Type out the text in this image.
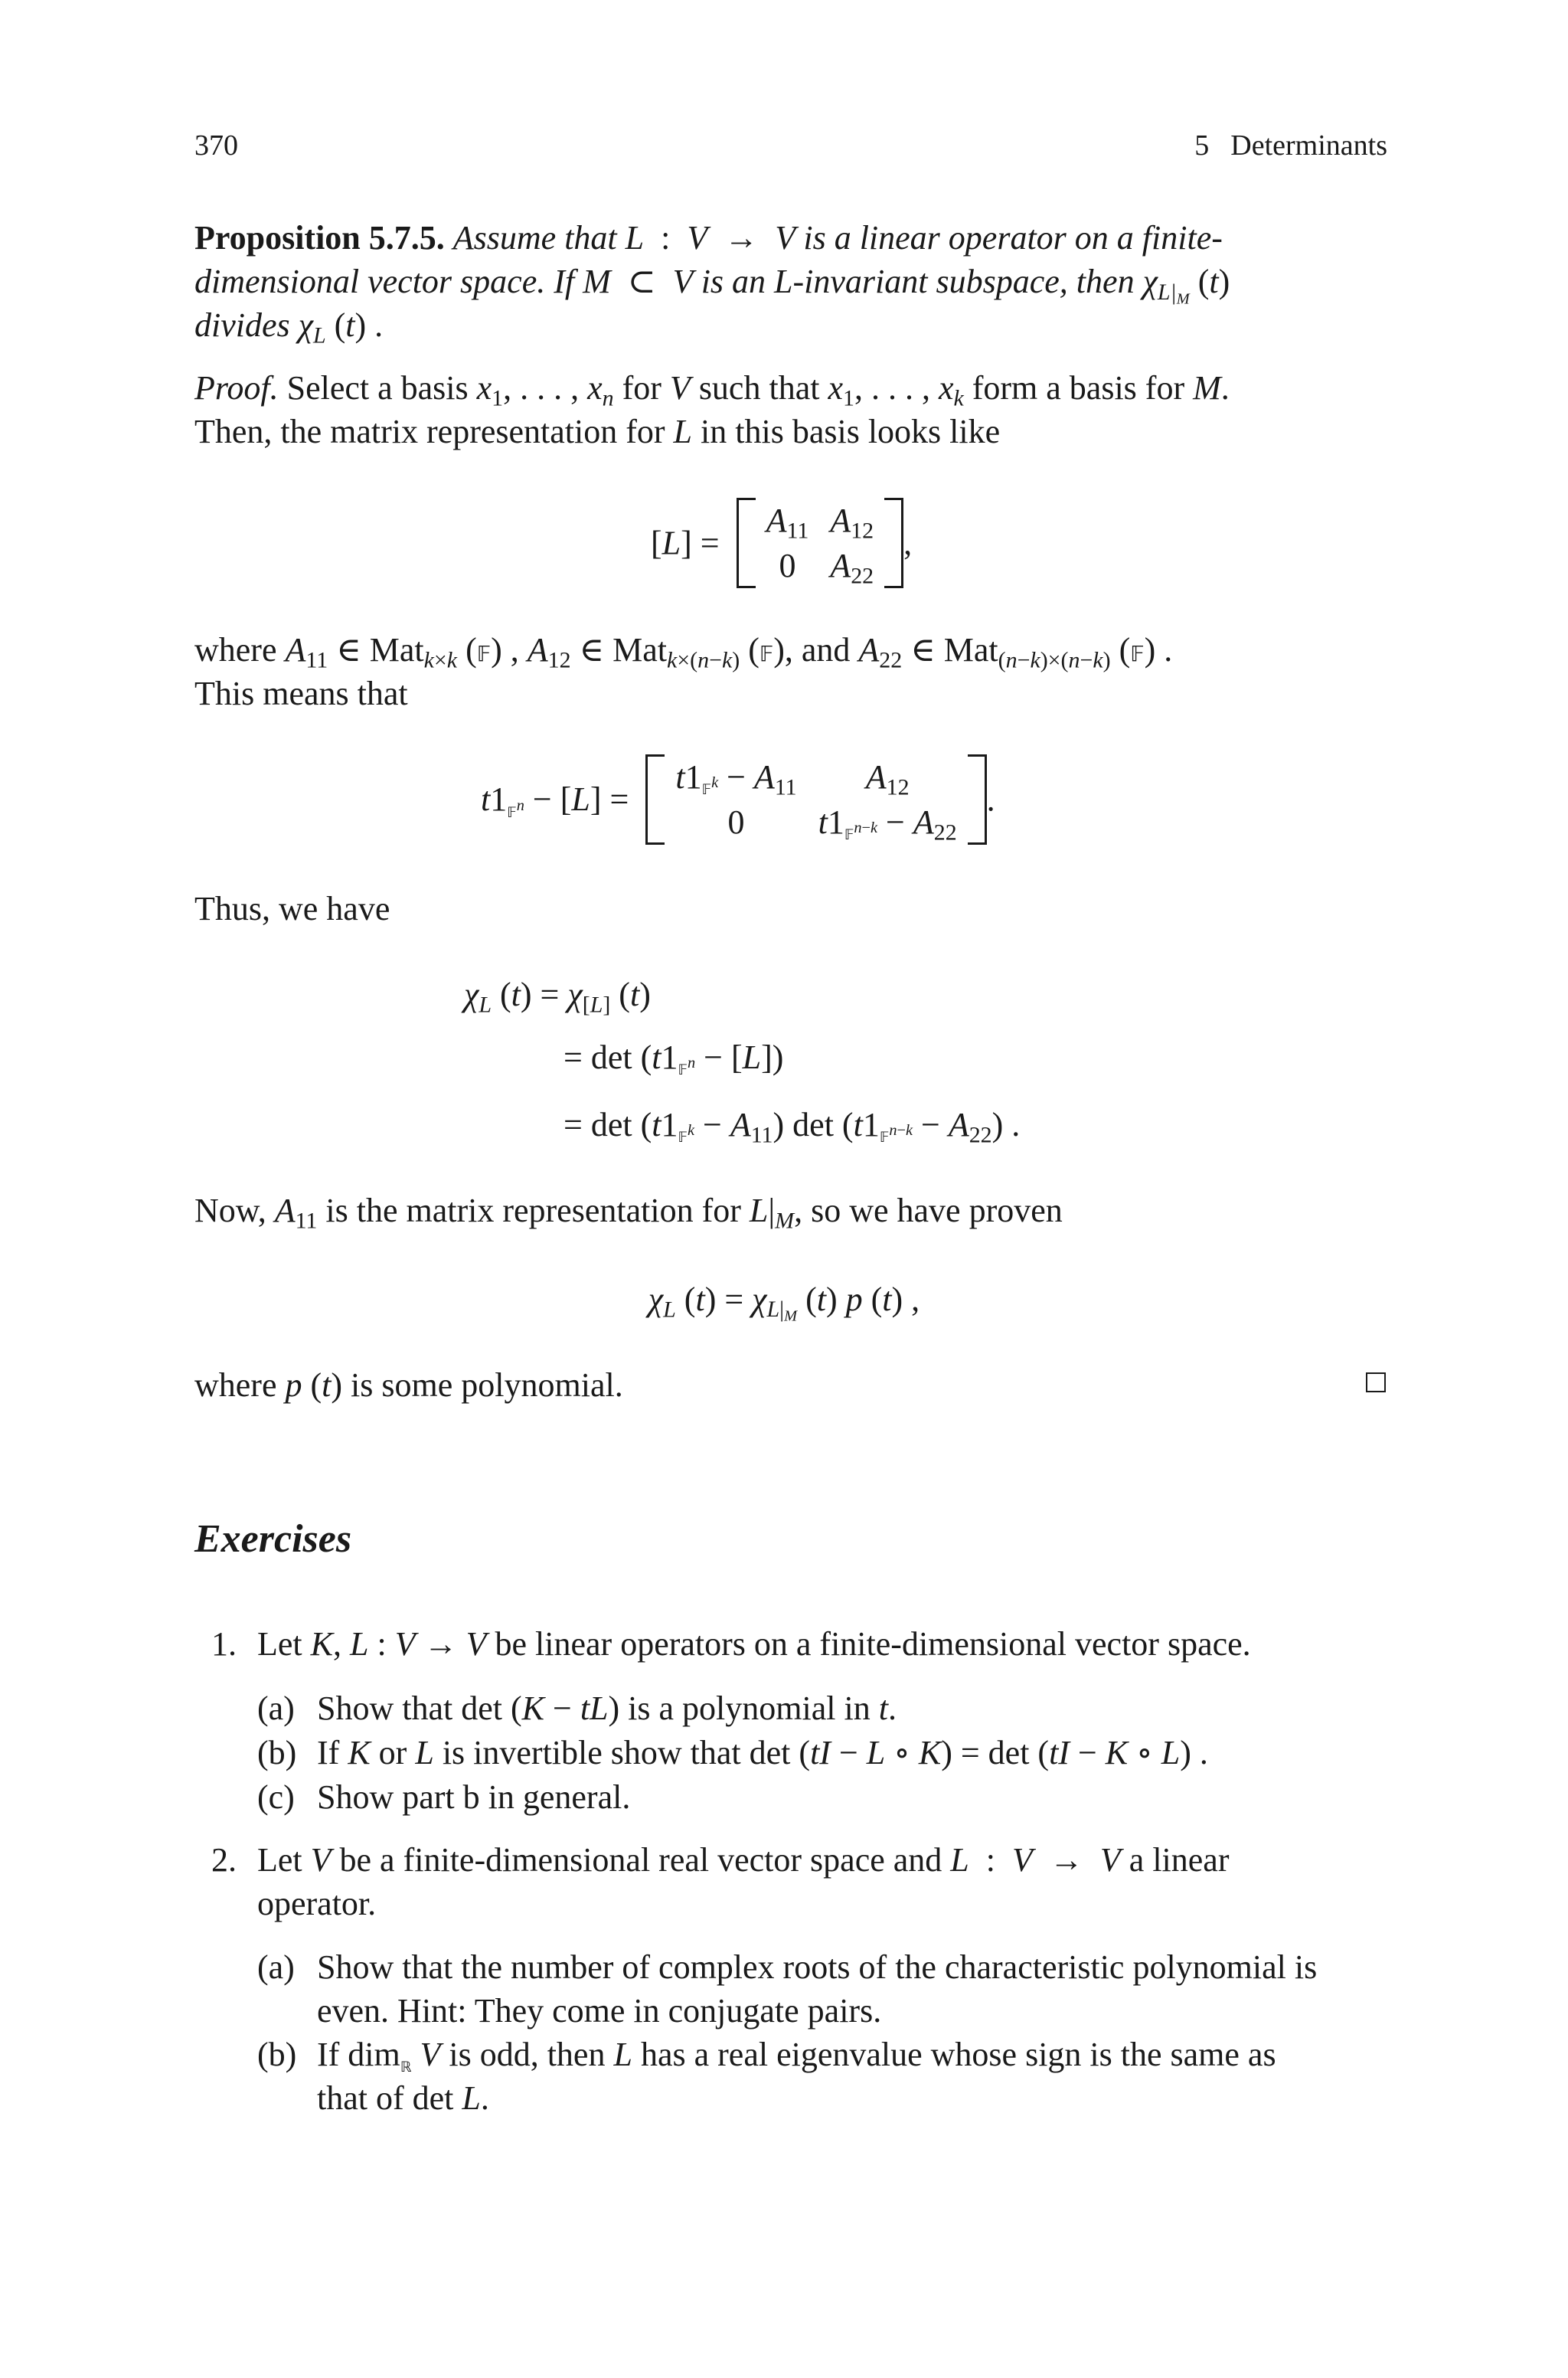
370	5 Determinants
Proposition 5.7.5. Assume that L  :  V  →  V is a linear operator on a finite-
dimensional vector space. If M  ⊂  V is an L-invariant subspace, then $\chi_{L|_M}$ (t)
divides $\chi_L$ (t) .
Proof. Select a basis $x_1$, . . . , $x_n$ for V such that $x_1$, . . . , $x_k$ form a basis for M.
Then, the matrix representation for L in this basis looks like
[L] =
$A_{11}$	$A_{12}$
0	$A_{22}$
,
where $A_{11}$ ∈ Mat$_{k\times k}$ (𝔽) , $A_{12}$ ∈ Mat$_{k\times(n-k)}$ (𝔽), and $A_{22}$ ∈ Mat$_{(n-k)\times(n-k)}$ (𝔽) .
This means that
$t1_{𝔽^n} - [L]$ =
$t1_{𝔽^k} - A_{11}$	$A_{12}$
0	$t1_{𝔽^{n-k}} - A_{22}$
.
Thus, we have
$\chi_L$ $(t) = \chi_{[L]}$ (t)
= $\det (t1_{𝔽^n} - [L])$
= $\det (t1_{𝔽^k} - A_{11})$ $\det (t1_{𝔽^{n-k}} - A_{22})$ .
Now, $A_{11}$ is the matrix representation for $L|_M$, so we have proven
$\chi_L$ $(t) = \chi_{L|_M}$ (t) p (t) ,
where p (t) is some polynomial.
Exercises
1. Let K, L : V → V be linear operators on a finite-dimensional vector space.
(a) Show that det (K − tL) is a polynomial in t.
(b) If K or L is invertible show that det (tI − L ∘ K) = det (tI − K ∘ L) .
(c) Show part b in general.
2. Let V be a finite-dimensional real vector space and L  :  V  →  V a linear
operator.
(a) Show that the number of complex roots of the characteristic polynomial is
even. Hint: They come in conjugate pairs.
(b) If dim$_ℝ$ V is odd, then L has a real eigenvalue whose sign is the same as
that of det L.
